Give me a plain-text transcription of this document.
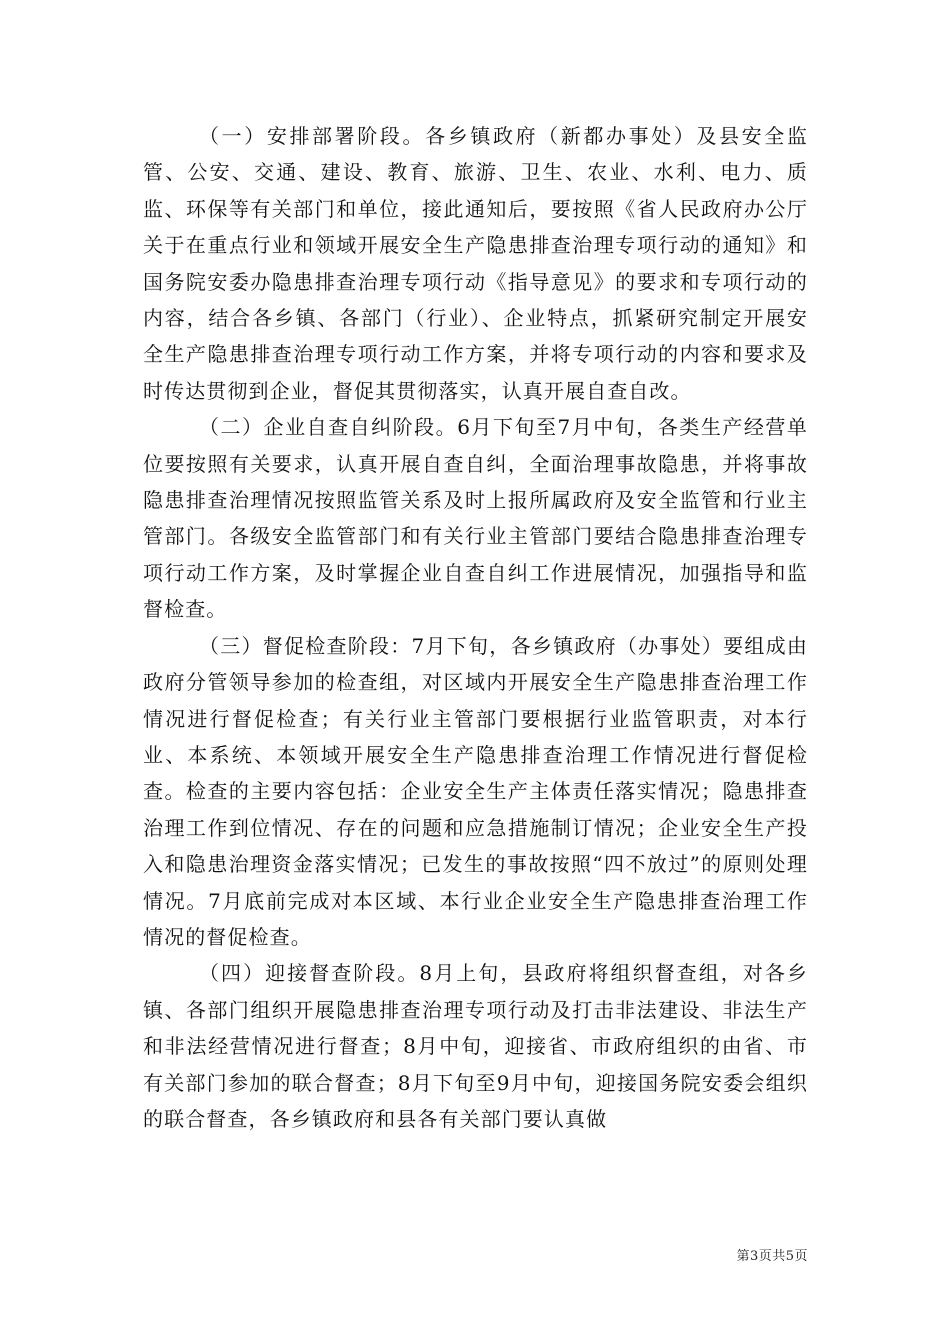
（一）安排部署阶段。各乡镇政府（新都办事处）及县安全监管、公安、交通、建设、教育、旅游、卫生、农业、水利、电力、质监、环保等有关部门和单位，接此通知后，要按照《省人民政府办公厅关于在重点行业和领域开展安全生产隐患排查治理专项行动的通知》和国务院安委办隐患排查治理专项行动《指导意见》的要求和专项行动的内容，结合各乡镇、各部门（行业）、企业特点，抓紧研究制定开展安全生产隐患排查治理专项行动工作方案，并将专项行动的内容和要求及时传达贯彻到企业，督促其贯彻落实，认真开展自查自改。

（二）企业自查自纠阶段。6月下旬至7月中旬，各类生产经营单位要按照有关要求，认真开展自查自纠，全面治理事故隐患，并将事故隐患排查治理情况按照监管关系及时上报所属政府及安全监管和行业主管部门。各级安全监管部门和有关行业主管部门要结合隐患排查治理专项行动工作方案，及时掌握企业自查自纠工作进展情况，加强指导和监督检查。

（三）督促检查阶段：7月下旬，各乡镇政府（办事处）要组成由政府分管领导参加的检查组，对区域内开展安全生产隐患排查治理工作情况进行督促检查；有关行业主管部门要根据行业监管职责，对本行业、本系统、本领域开展安全生产隐患排查治理工作情况进行督促检查。检查的主要内容包括：企业安全生产主体责任落实情况；隐患排查治理工作到位情况、存在的问题和应急措施制订情况；企业安全生产投入和隐患治理资金落实情况；已发生的事故按照“四不放过”的原则处理情况。7月底前完成对本区域、本行业企业安全生产隐患排查治理工作情况的督促检查。

（四）迎接督查阶段。8月上旬，县政府将组织督查组，对各乡镇、各部门组织开展隐患排查治理专项行动及打击非法建设、非法生产和非法经营情况进行督查；8月中旬，迎接省、市政府组织的由省、市有关部门参加的联合督查；8月下旬至9月中旬，迎接国务院安委会组织的联合督查，各乡镇政府和县各有关部门要认真做

第3页共5页
